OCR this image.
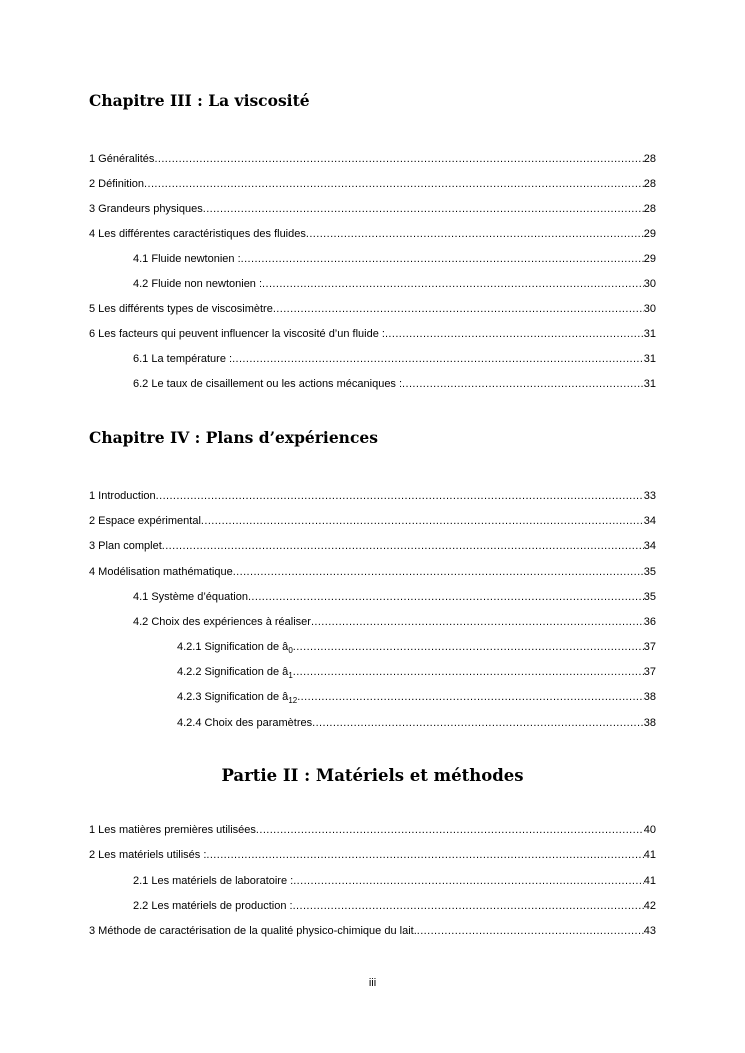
Chapitre III : La viscosité
1 Généralités .....	28
2 Définition .....	28
3 Grandeurs physiques .....	28
4 Les différentes caractéristiques des fluides .....	29
4.1 Fluide newtonien : .....	29
4.2 Fluide non newtonien : .....	30
5 Les différents types de viscosimètre .....	30
6 Les facteurs qui peuvent influencer la viscosité d’un fluide : .....	31
6.1 La température : .....	31
6.2 Le taux de cisaillement ou les actions mécaniques : .....	31
Chapitre IV : Plans d’expériences
1 Introduction .....	33
2 Espace expérimental .....	34
3 Plan complet .....	34
4 Modélisation mathématique .....	35
4.1 Système d’équation .....	35
4.2 Choix des expériences à réaliser .....	36
4.2.1 Signification de $â_0$ .....	37
4.2.2 Signification de $â_1$ .....	37
4.2.3 Signification de $â_{12}$ .....	38
4.2.4 Choix des paramètres .....	38
Partie II : Matériels et méthodes
1 Les matières premières utilisées .....	40
2 Les matériels utilisés : .....	41
2.1 Les matériels de laboratoire : .....	41
2.2 Les matériels de production : .....	42
3 Méthode de caractérisation de la qualité physico-chimique du lait. .....	43
iii
